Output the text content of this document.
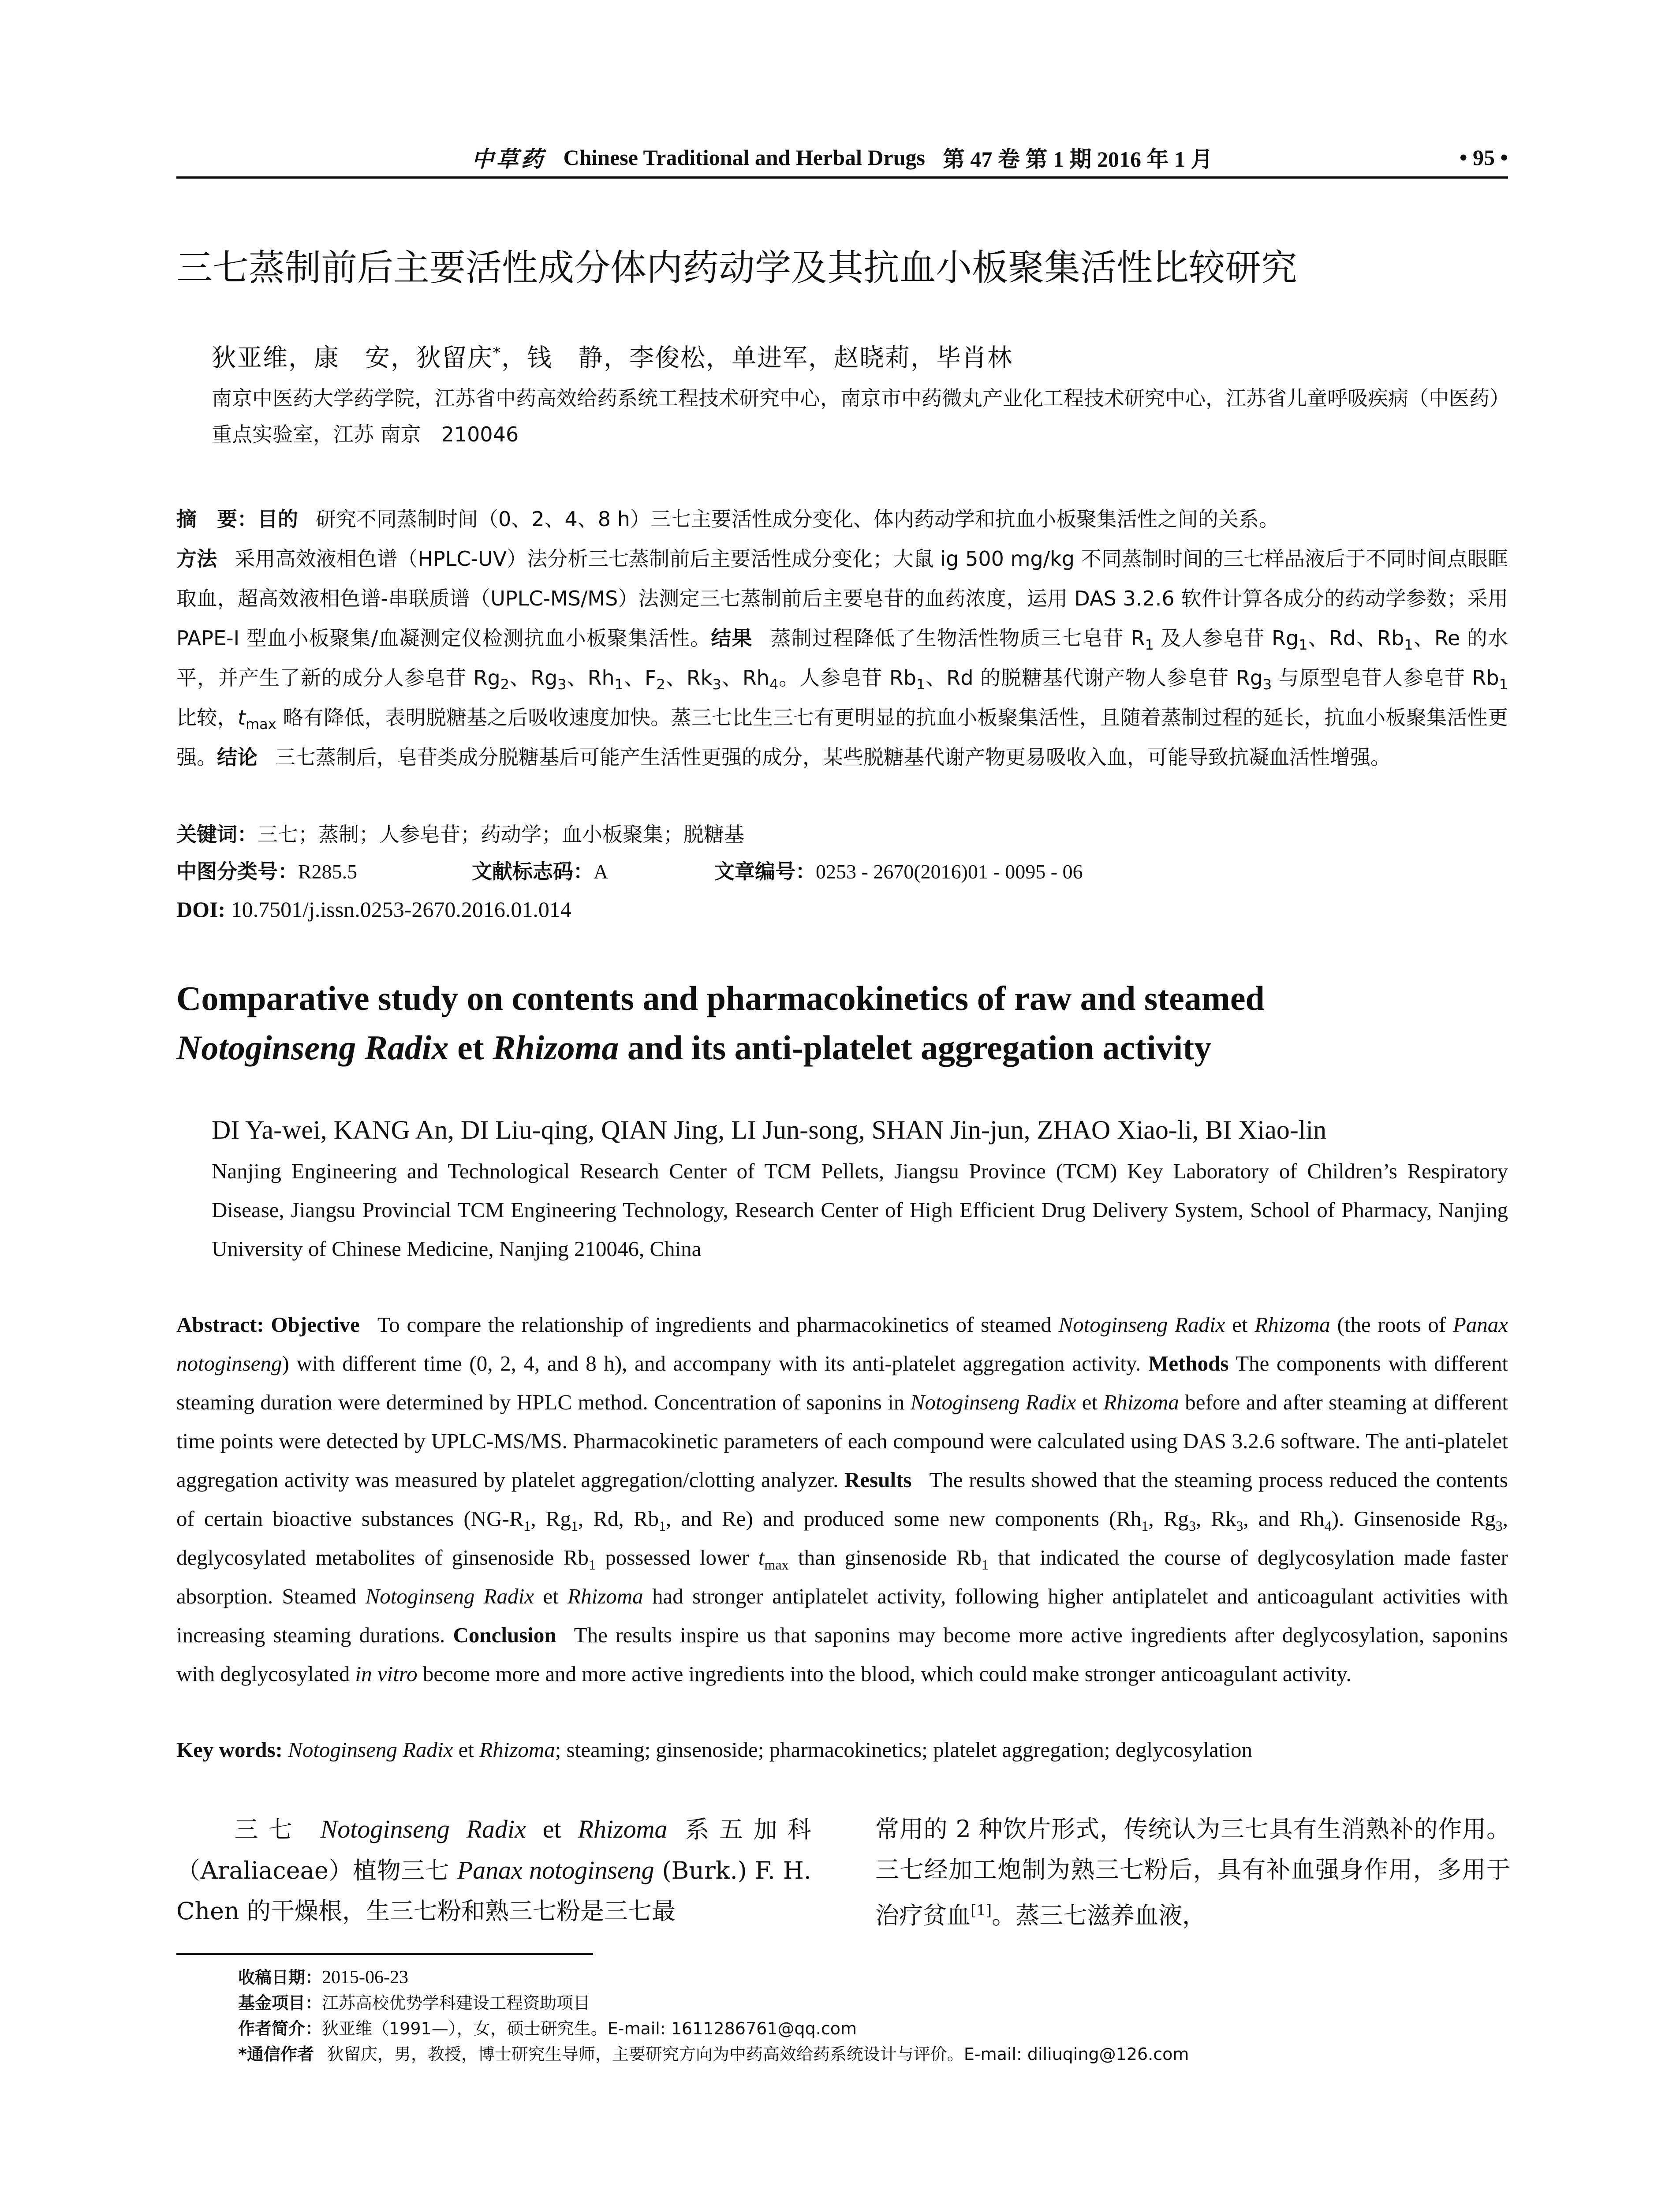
中草药 Chinese Traditional and Herbal Drugs 第 47 卷 第 1 期 2016 年 1 月	• 95 •
三七蒸制前后主要活性成分体内药动学及其抗血小板聚集活性比较研究
狄亚维，康　安，狄留庆*，钱　静，李俊松，单进军，赵晓莉，毕肖林
南京中医药大学药学院，江苏省中药高效给药系统工程技术研究中心，南京市中药微丸产业化工程技术研究中心，江苏省儿童呼吸疾病（中医药）重点实验室，江苏 南京　210046
摘　要：目的 研究不同蒸制时间（0、2、4、8 h）三七主要活性成分变化、体内药动学和抗血小板聚集活性之间的关系。
方法 采用高效液相色谱（HPLC-UV）法分析三七蒸制前后主要活性成分变化；大鼠 ig 500 mg/kg 不同蒸制时间的三七样品液后于不同时间点眼眶取血，超高效液相色谱-串联质谱（UPLC-MS/MS）法测定三七蒸制前后主要皂苷的血药浓度，运用 DAS 3.2.6 软件计算各成分的药动学参数；采用 PAPE-I 型血小板聚集/血凝测定仪检测抗血小板聚集活性。结果 蒸制过程降低了生物活性物质三七皂苷 $R_1$ 及人参皂苷 $Rg_1$、Rd、$Rb_1$、Re 的水平，并产生了新的成分人参皂苷 $Rg_2$、$Rg_3$、$Rh_1$、$F_2$、$Rk_3$、$Rh_4$。人参皂苷 $Rb_1$、Rd 的脱糖基代谢产物人参皂苷 $Rg_3$ 与原型皂苷人参皂苷 $Rb_1$ 比较，$t_{max}$ 略有降低，表明脱糖基之后吸收速度加快。蒸三七比生三七有更明显的抗血小板聚集活性，且随着蒸制过程的延长，抗血小板聚集活性更强。结论 三七蒸制后，皂苷类成分脱糖基后可能产生活性更强的成分，某些脱糖基代谢产物更易吸收入血，可能导致抗凝血活性增强。
关键词：三七；蒸制；人参皂苷；药动学；血小板聚集；脱糖基
中图分类号：R285.5	文献标志码：A	文章编号：0253 - 2670(2016)01 - 0095 - 06
DOI: 10.7501/j.issn.0253-2670.2016.01.014
Comparative study on contents and pharmacokinetics of raw and steamed
Notoginseng Radix et Rhizoma and its anti-platelet aggregation activity
DI Ya-wei, KANG An, DI Liu-qing, QIAN Jing, LI Jun-song, SHAN Jin-jun, ZHAO Xiao-li, BI Xiao-lin
Nanjing Engineering and Technological Research Center of TCM Pellets, Jiangsu Province (TCM) Key Laboratory of Children’s Respiratory Disease, Jiangsu Provincial TCM Engineering Technology, Research Center of High Efficient Drug Delivery System, School of Pharmacy, Nanjing University of Chinese Medicine, Nanjing 210046, China
Abstract: Objective To compare the relationship of ingredients and pharmacokinetics of steamed Notoginseng Radix et Rhizoma (the roots of Panax notoginseng) with different time (0, 2, 4, and 8 h), and accompany with its anti-platelet aggregation activity. Methods The components with different steaming duration were determined by HPLC method. Concentration of saponins in Notoginseng Radix et Rhizoma before and after steaming at different time points were detected by UPLC-MS/MS. Pharmacokinetic parameters of each compound were calculated using DAS 3.2.6 software. The anti-platelet aggregation activity was measured by platelet aggregation/clotting analyzer. Results The results showed that the steaming process reduced the contents of certain bioactive substances ($NG-R_1$, $Rg_1$, Rd, $Rb_1$, and Re) and produced some new components ($Rh_1$, $Rg_3$, $Rk_3$, and $Rh_4$). Ginsenoside $Rg_3$, deglycosylated metabolites of ginsenoside $Rb_1$ possessed lower $t_{max}$ than ginsenoside $Rb_1$ that indicated the course of deglycosylation made faster absorption. Steamed Notoginseng Radix et Rhizoma had stronger antiplatelet activity, following higher antiplatelet and anticoagulant activities with increasing steaming durations. Conclusion The results inspire us that saponins may become more active ingredients after deglycosylation, saponins with deglycosylated in vitro become more and more active ingredients into the blood, which could make stronger anticoagulant activity.
Key words: Notoginseng Radix et Rhizoma; steaming; ginsenoside; pharmacokinetics; platelet aggregation; deglycosylation
三七 Notoginseng Radix et Rhizoma 系五加科（Araliaceae）植物三七 Panax notoginseng (Burk.) F. H. Chen 的干燥根，生三七粉和熟三七粉是三七最
常用的 2 种饮片形式，传统认为三七具有生消熟补的作用。三七经加工炮制为熟三七粉后，具有补血强身作用，多用于治疗贫血[1]。蒸三七滋养血液，
收稿日期：2015-06-23
基金项目：江苏高校优势学科建设工程资助项目
作者简介：狄亚维（1991—），女，硕士研究生。E-mail: 1611286761@qq.com
*通信作者 狄留庆，男，教授，博士研究生导师，主要研究方向为中药高效给药系统设计与评价。E-mail: diliuqing@126.com
